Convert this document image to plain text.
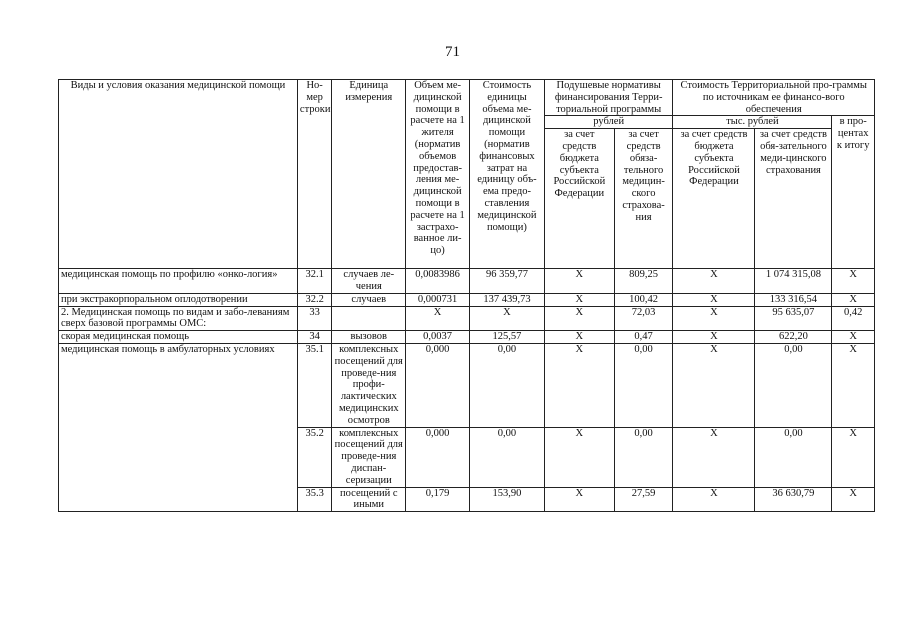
71
Виды и условия оказания медицинской помощи	Но-мер строки	Единица измерения	Объем ме-дицинской помощи в расчете на 1 жителя (норматив объемов предостав-ления ме-дицинской помощи в расчете на 1 застрахо-ванное ли-цо)	Стоимость единицы объема ме-дицинской помощи (норматив финансовых затрат на единицу объ-ема предо-ставления медицинской помощи)	Подушевые нормативы финансирования Терри-ториальной программы		Стоимость Территориальной про-граммы по источникам ее финансо-вого обеспечения		
					рублей		тыс. рублей		в про-центах к итогу
					за счет средств бюджета субъекта Российской Федерации	за счет средств обяза-тельного медицин-ского страхова-ния	за счет средств бюджета субъекта Российской Федерации	за счет средств обя-зательного меди-цинского страхования	
медицинская помощь по профилю «онко-логия»	32.1	случаев ле-чения	0,0083986	96 359,77	X	809,25	X	1 074 315,08	X
при экстракорпоральном оплодотворении	32.2	случаев	0,000731	137 439,73	X	100,42	X	133 316,54	X
2. Медицинская помощь по видам и забо-леваниям сверх базовой программы ОМС:	33		X	X	X	72,03	X	95 635,07	0,42
скорая медицинская помощь	34	вызовов	0,0037	125,57	X	0,47	X	622,20	X
медицинская помощь в амбулаторных условиях	35.1	комплексных посещений для проведе-ния профи-лактических медицинских осмотров	0,000	0,00	X	0,00	X	0,00	X
	35.2	комплексных посещений для проведе-ния диспан-серизации	0,000	0,00	X	0,00	X	0,00	X
	35.3	посещений с иными	0,179	153,90	X	27,59	X	36 630,79	X
